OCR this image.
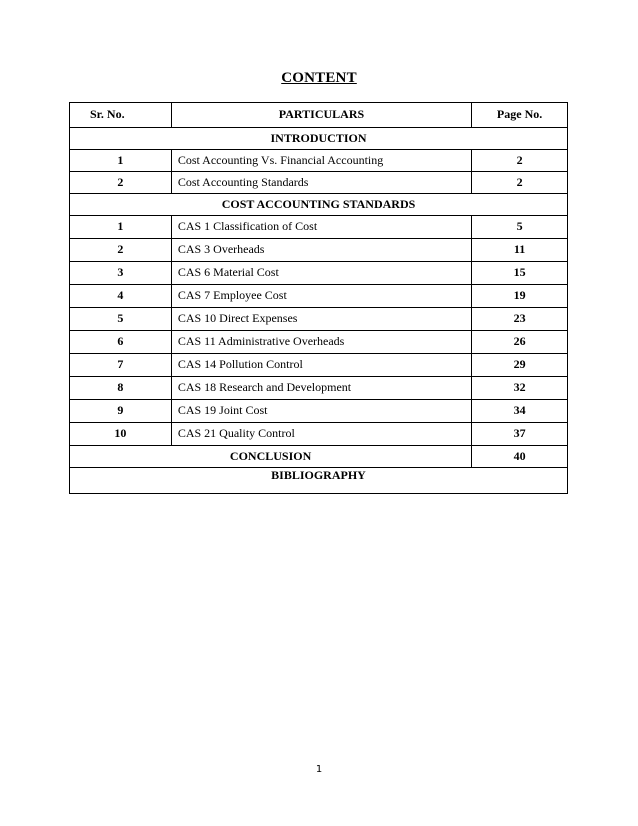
CONTENT
Sr. No.	PARTICULARS	Page No.
INTRODUCTION		
1	Cost Accounting Vs. Financial Accounting	2
2	Cost Accounting Standards	2
COST ACCOUNTING STANDARDS		
1	CAS 1 Classification of Cost	5
2	CAS 3 Overheads	11
3	CAS 6 Material Cost	15
4	CAS 7 Employee Cost	19
5	CAS 10 Direct Expenses	23
6	CAS 11 Administrative Overheads	26
7	CAS 14 Pollution Control	29
8	CAS 18 Research and Development	32
9	CAS 19 Joint Cost	34
10	CAS 21 Quality Control	37
CONCLUSION		40
BIBLIOGRAPHY		
1
